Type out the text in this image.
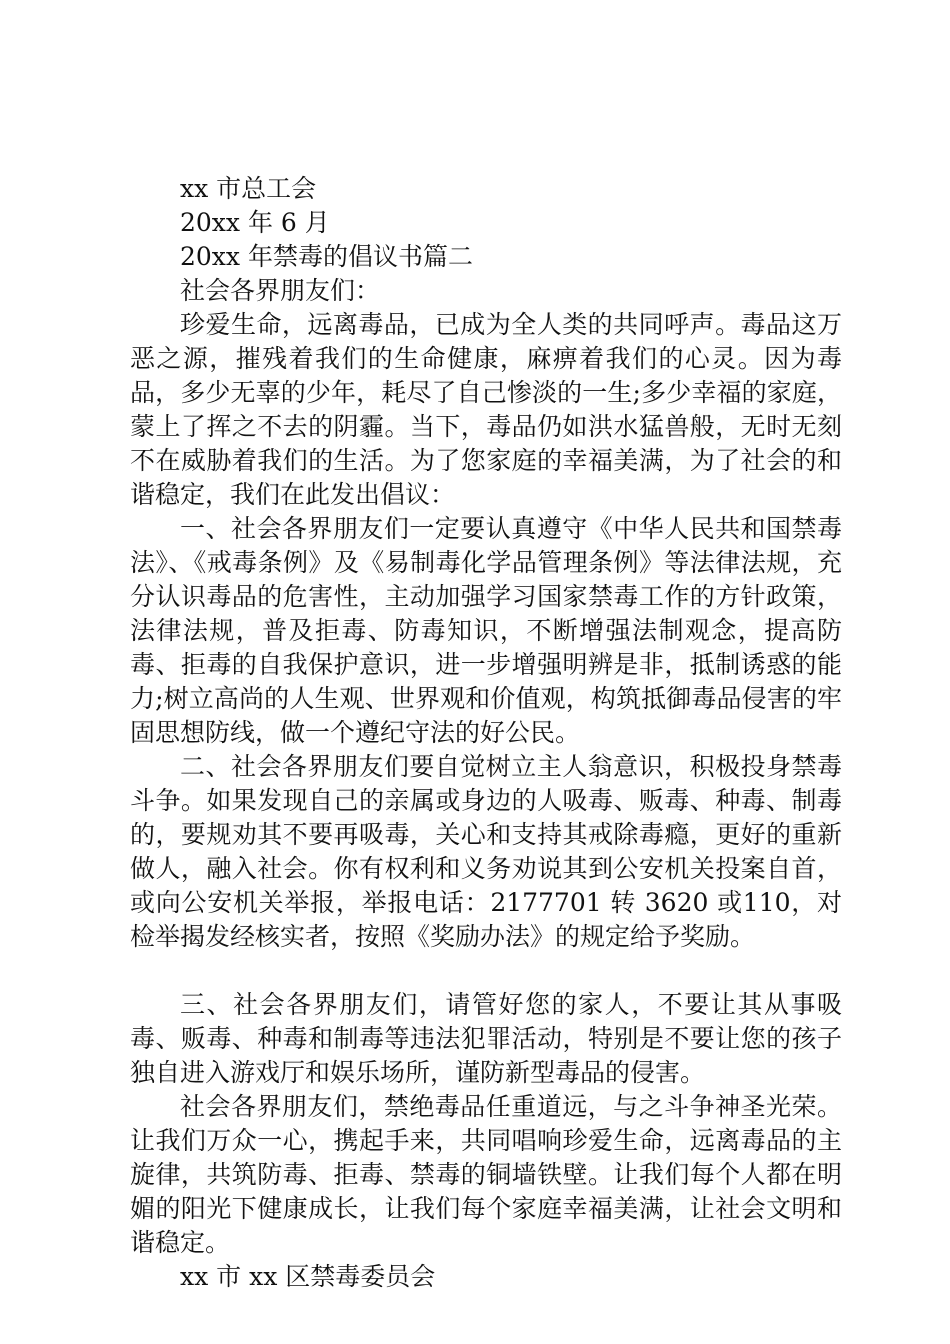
xx 市总工会

20xx 年 6 月

20xx 年禁毒的倡议书篇二

社会各界朋友们：

珍爱生命，远离毒品，已成为全人类的共同呼声。毒品这万恶之源，摧残着我们的生命健康，麻痹着我们的心灵。因为毒品，多少无辜的少年，耗尽了自己惨淡的一生;多少幸福的家庭，蒙上了挥之不去的阴霾。当下，毒品仍如洪水猛兽般，无时无刻不在威胁着我们的生活。为了您家庭的幸福美满，为了社会的和谐稳定，我们在此发出倡议：

一、社会各界朋友们一定要认真遵守《中华人民共和国禁毒法》、《戒毒条例》及《易制毒化学品管理条例》等法律法规，充分认识毒品的危害性，主动加强学习国家禁毒工作的方针政策，法律法规，普及拒毒、防毒知识，不断增强法制观念，提高防毒、拒毒的自我保护意识，进一步增强明辨是非，抵制诱惑的能力;树立高尚的人生观、世界观和价值观，构筑抵御毒品侵害的牢固思想防线，做一个遵纪守法的好公民。

二、社会各界朋友们要自觉树立主人翁意识，积极投身禁毒斗争。如果发现自己的亲属或身边的人吸毒、贩毒、种毒、制毒的，要规劝其不要再吸毒，关心和支持其戒除毒瘾，更好的重新做人，融入社会。你有权利和义务劝说其到公安机关投案自首，或向公安机关举报，举报电话：2177701 转 3620 或110，对检举揭发经核实者，按照《奖励办法》的规定给予奖励。

三、社会各界朋友们，请管好您的家人，不要让其从事吸毒、贩毒、种毒和制毒等违法犯罪活动，特别是不要让您的孩子独自进入游戏厅和娱乐场所，谨防新型毒品的侵害。

社会各界朋友们，禁绝毒品任重道远，与之斗争神圣光荣。让我们万众一心，携起手来，共同唱响珍爱生命，远离毒品的主旋律，共筑防毒、拒毒、禁毒的铜墙铁壁。让我们每个人都在明媚的阳光下健康成长，让我们每个家庭幸福美满，让社会文明和谐稳定。

xx 市 xx 区禁毒委员会
